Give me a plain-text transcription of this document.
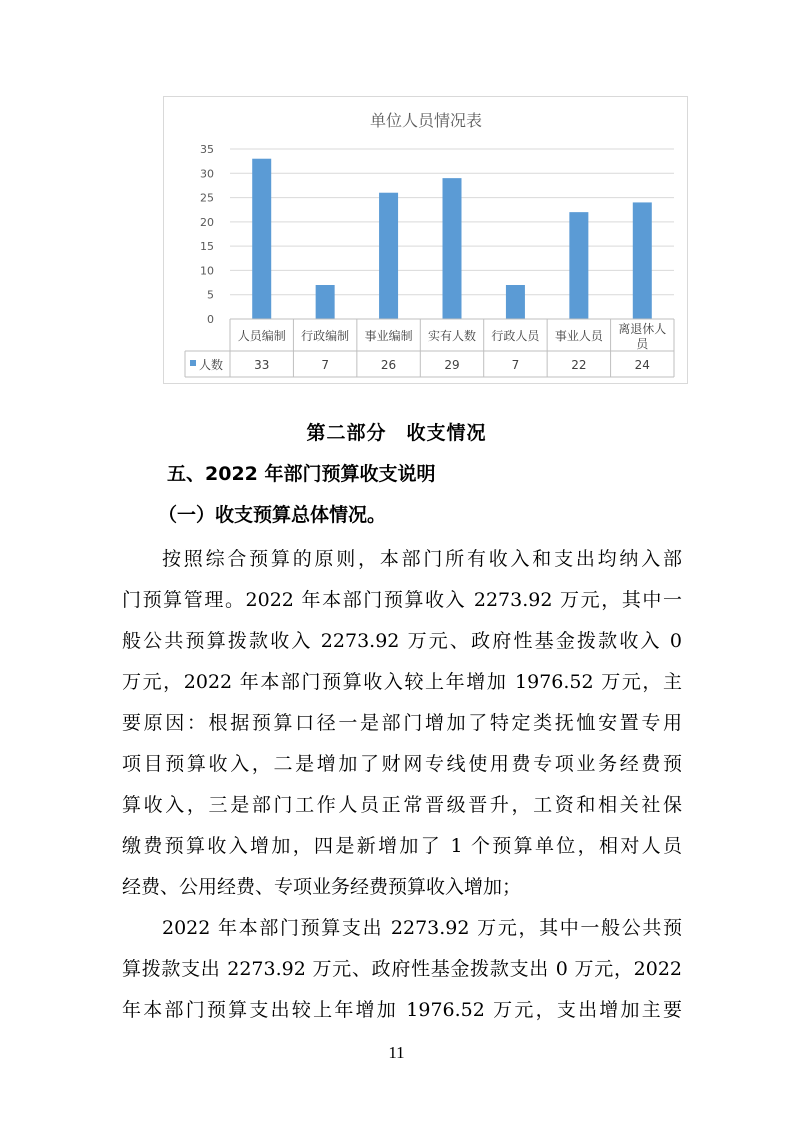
单位人员情况表
0
5
10
15
20
25
30
35
人数
人员编制
33
行政编制
7
事业编制
26
实有人数
29
行政人员
7
事业人员
22
离退休人
员
24
第二部分　收支情况
五、2022 年部门预算收支说明
（一）收支预算总体情况。
按照综合预算的原则，本部门所有收入和支出均纳入部
门预算管理。2022 年本部门预算收入 2273.92 万元，其中一
般公共预算拨款收入 2273.92 万元、政府性基金拨款收入 0
万元，2022 年本部门预算收入较上年增加 1976.52 万元，主
要原因：根据预算口径一是部门增加了特定类抚恤安置专用
项目预算收入，二是增加了财网专线使用费专项业务经费预
算收入，三是部门工作人员正常晋级晋升，工资和相关社保
缴费预算收入增加，四是新增加了 1 个预算单位，相对人员
经费、公用经费、专项业务经费预算收入增加；
2022 年本部门预算支出 2273.92 万元，其中一般公共预
算拨款支出 2273.92 万元、政府性基金拨款支出 0 万元，2022
年本部门预算支出较上年增加 1976.52 万元，支出增加主要
11
